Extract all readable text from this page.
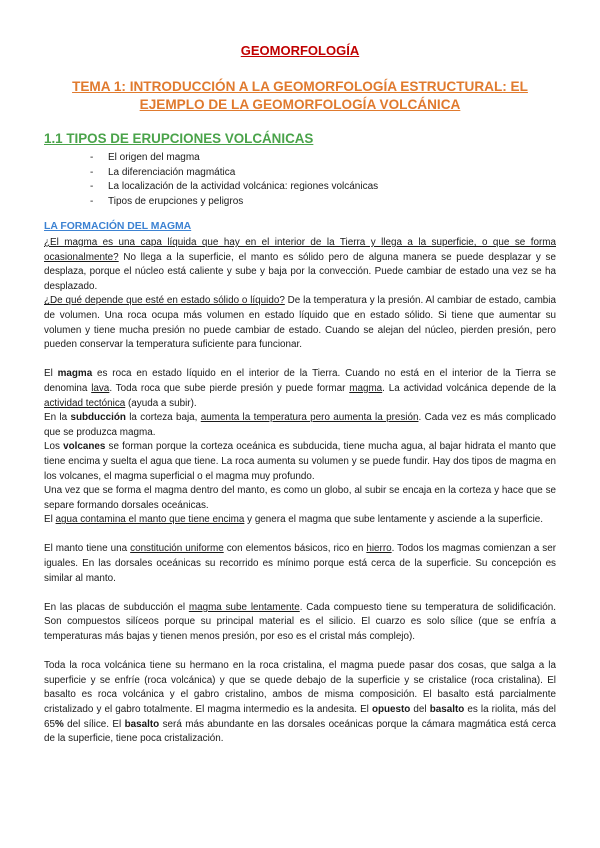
GEOMORFOLOGÍA
TEMA 1: INTRODUCCIÓN A LA GEOMORFOLOGÍA ESTRUCTURAL: EL EJEMPLO DE LA GEOMORFOLOGÍA VOLCÁNICA
1.1 TIPOS DE ERUPCIONES VOLCÁNICAS
- El origen del magma
- La diferenciación magmática
- La localización de la actividad volcánica: regiones volcánicas
- Tipos de erupciones y peligros
LA FORMACIÓN DEL MAGMA

¿El magma es una capa líquida que hay en el interior de la Tierra y llega a la superficie, o que se forma ocasionalmente? No llega a la superficie, el manto es sólido pero de alguna manera se puede desplazar y se desplaza, porque el núcleo está caliente y sube y baja por la convección. Puede cambiar de estado una vez se ha desplazado.

¿De qué depende que esté en estado sólido o líquido? De la temperatura y la presión. Al cambiar de estado, cambia de volumen. Una roca ocupa más volumen en estado líquido que en estado sólido. Si tiene que aumentar su volumen y tiene mucha presión no puede cambiar de estado. Cuando se alejan del núcleo, pierden presión, pero pueden conservar la temperatura suficiente para funcionar.

El magma es roca en estado líquido en el interior de la Tierra. Cuando no está en el interior de la Tierra se denomina lava. Toda roca que sube pierde presión y puede formar magma. La actividad volcánica depende de la actividad tectónica (ayuda a subir).

En la subducción la corteza baja, aumenta la temperatura pero aumenta la presión. Cada vez es más complicado que se produzca magma.

Los volcanes se forman porque la corteza oceánica es subducida, tiene mucha agua, al bajar hidrata el manto que tiene encima y suelta el agua que tiene. La roca aumenta su volumen y se puede fundir. Hay dos tipos de magma en los volcanes, el magma superficial o el magma muy profundo.

Una vez que se forma el magma dentro del manto, es como un globo, al subir se encaja en la corteza y hace que se separe formando dorsales oceánicas.

El agua contamina el manto que tiene encima y genera el magma que sube lentamente y asciende a la superficie.

El manto tiene una constitución uniforme con elementos básicos, rico en hierro. Todos los magmas comienzan a ser iguales. En las dorsales oceánicas su recorrido es mínimo porque está cerca de la superficie. Su concepción es similar al manto.

En las placas de subducción el magma sube lentamente. Cada compuesto tiene su temperatura de solidificación. Son compuestos silíceos porque su principal material es el silicio. El cuarzo es solo sílice (que se enfría a temperaturas más bajas y tienen menos presión, por eso es el cristal más complejo).

Toda la roca volcánica tiene su hermano en la roca cristalina, el magma puede pasar dos cosas, que salga a la superficie y se enfríe (roca volcánica) y que se quede debajo de la superficie y se cristalice (roca cristalina). El basalto es roca volcánica y el gabro cristalino, ambos de misma composición. El basalto está parcialmente cristalizado y el gabro totalmente. El magma intermedio es la andesita. El opuesto del basalto es la riolita, más del 65% del sílice. El basalto será más abundante en las dorsales oceánicas porque la cámara magmática está cerca de la superficie, tiene poca cristalización.
